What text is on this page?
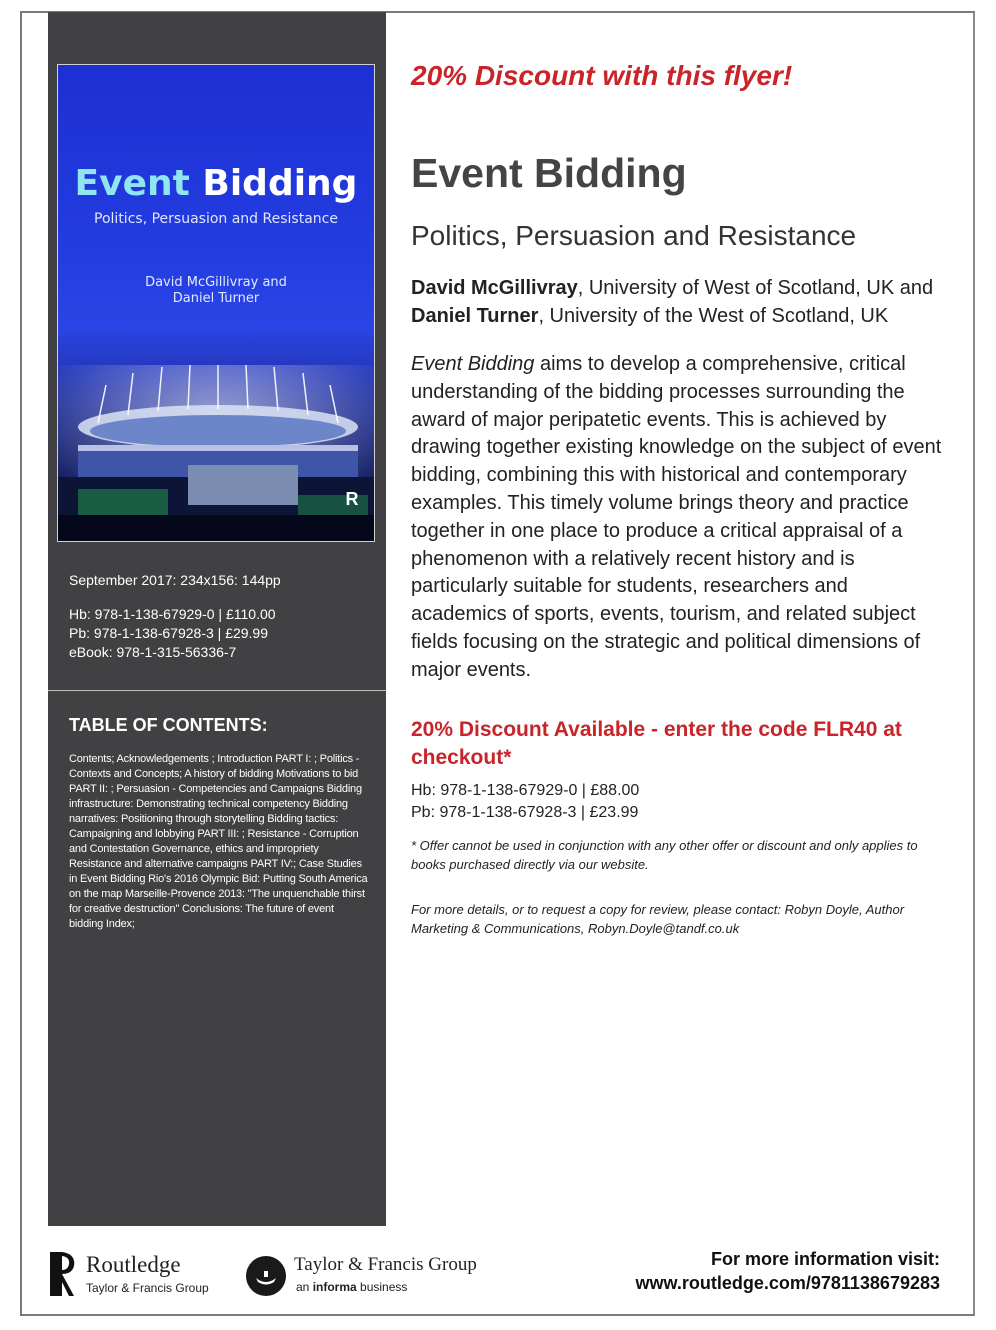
Event Bidding
Politics, Persuasion and Resistance
David McGillivray and
Daniel Turner
R
September 2017: 234x156: 144pp
Hb: 978-1-138-67929-0 | £110.00
Pb: 978-1-138-67928-3 | £29.99
eBook: 978-1-315-56336-7
TABLE OF CONTENTS:
Contents; Acknowledgements ; Introduction PART I: ; Politics - Contexts and Concepts; A history of bidding Motivations to bid PART II: ; Persuasion - Competencies and Campaigns Bidding infrastructure: Demonstrating technical competency Bidding narratives: Positioning through storytelling Bidding tactics: Campaigning and lobbying PART III: ; Resistance - Corruption and Contestation Governance, ethics and impropriety Resistance and alternative campaigns PART IV:; Case Studies in Event Bidding Rio's 2016 Olympic Bid: Putting South America on the map Marseille-Provence 2013: "The unquenchable thirst for creative destruction" Conclusions: The future of event bidding Index;
20% Discount with this flyer!
Event Bidding
Politics, Persuasion and Resistance
David McGillivray, University of West of Scotland, UK and
Daniel Turner, University of the West of Scotland, UK
Event Bidding aims to develop a comprehensive, critical understanding of the bidding processes surrounding the award of major peripatetic events. This is achieved by drawing together existing knowledge on the subject of event bidding, combining this with historical and contemporary examples. This timely volume brings theory and practice together in one place to produce a critical appraisal of a phenomenon with a relatively recent history and is particularly suitable for students, researchers and academics of sports, events, tourism, and related subject fields focusing on the strategic and political dimensions of major events.
20% Discount Available - enter the code FLR40 at checkout*
Hb: 978-1-138-67929-0 | £88.00
Pb: 978-1-138-67928-3 | £23.99
* Offer cannot be used in conjunction with any other offer or discount and only applies to books purchased directly via our website.
For more details, or to request a copy for review, please contact: Robyn Doyle, Author Marketing & Communications, Robyn.Doyle@tandf.co.uk
Routledge
Taylor & Francis Group
Taylor & Francis Group
an informa business
For more information visit:
www.routledge.com/9781138679283
